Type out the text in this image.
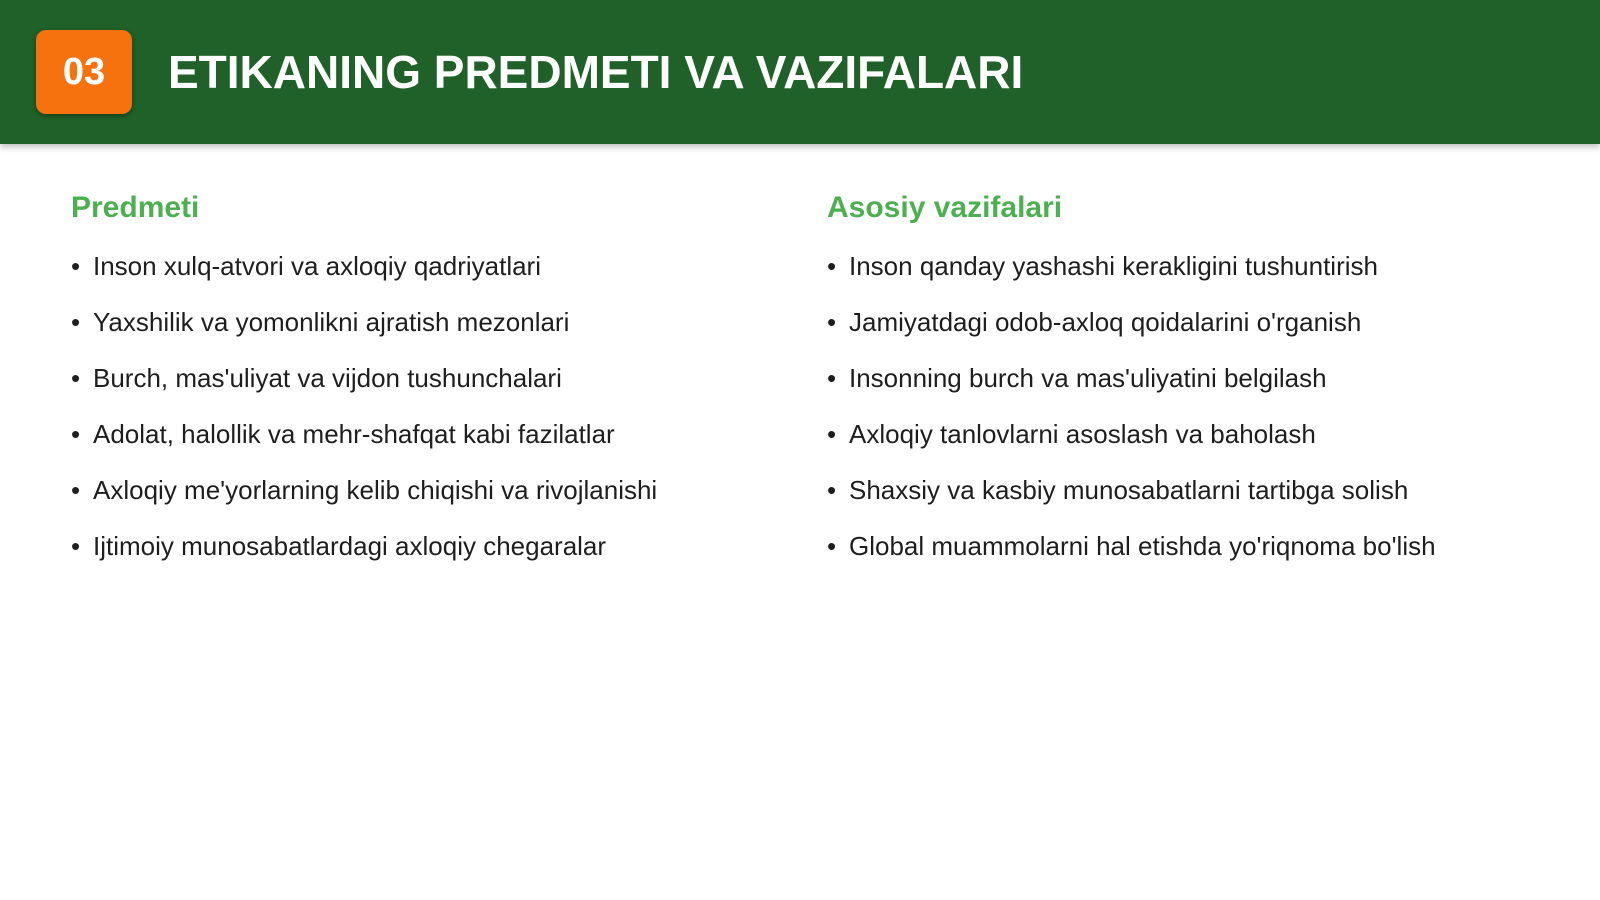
03	ETIKANING PREDMETI VA VAZIFALARI
Predmeti
• Inson xulq-atvori va axloqiy qadriyatlari
• Yaxshilik va yomonlikni ajratish mezonlari
• Burch, mas'uliyat va vijdon tushunchalari
• Adolat, halollik va mehr-shafqat kabi fazilatlar
• Axloqiy me'yorlarning kelib chiqishi va rivojlanishi
• Ijtimoiy munosabatlardagi axloqiy chegaralar
Asosiy vazifalari
• Inson qanday yashashi kerakligini tushuntirish
• Jamiyatdagi odob-axloq qoidalarini o'rganish
• Insonning burch va mas'uliyatini belgilash
• Axloqiy tanlovlarni asoslash va baholash
• Shaxsiy va kasbiy munosabatlarni tartibga solish
• Global muammolarni hal etishda yo'riqnoma bo'lish
